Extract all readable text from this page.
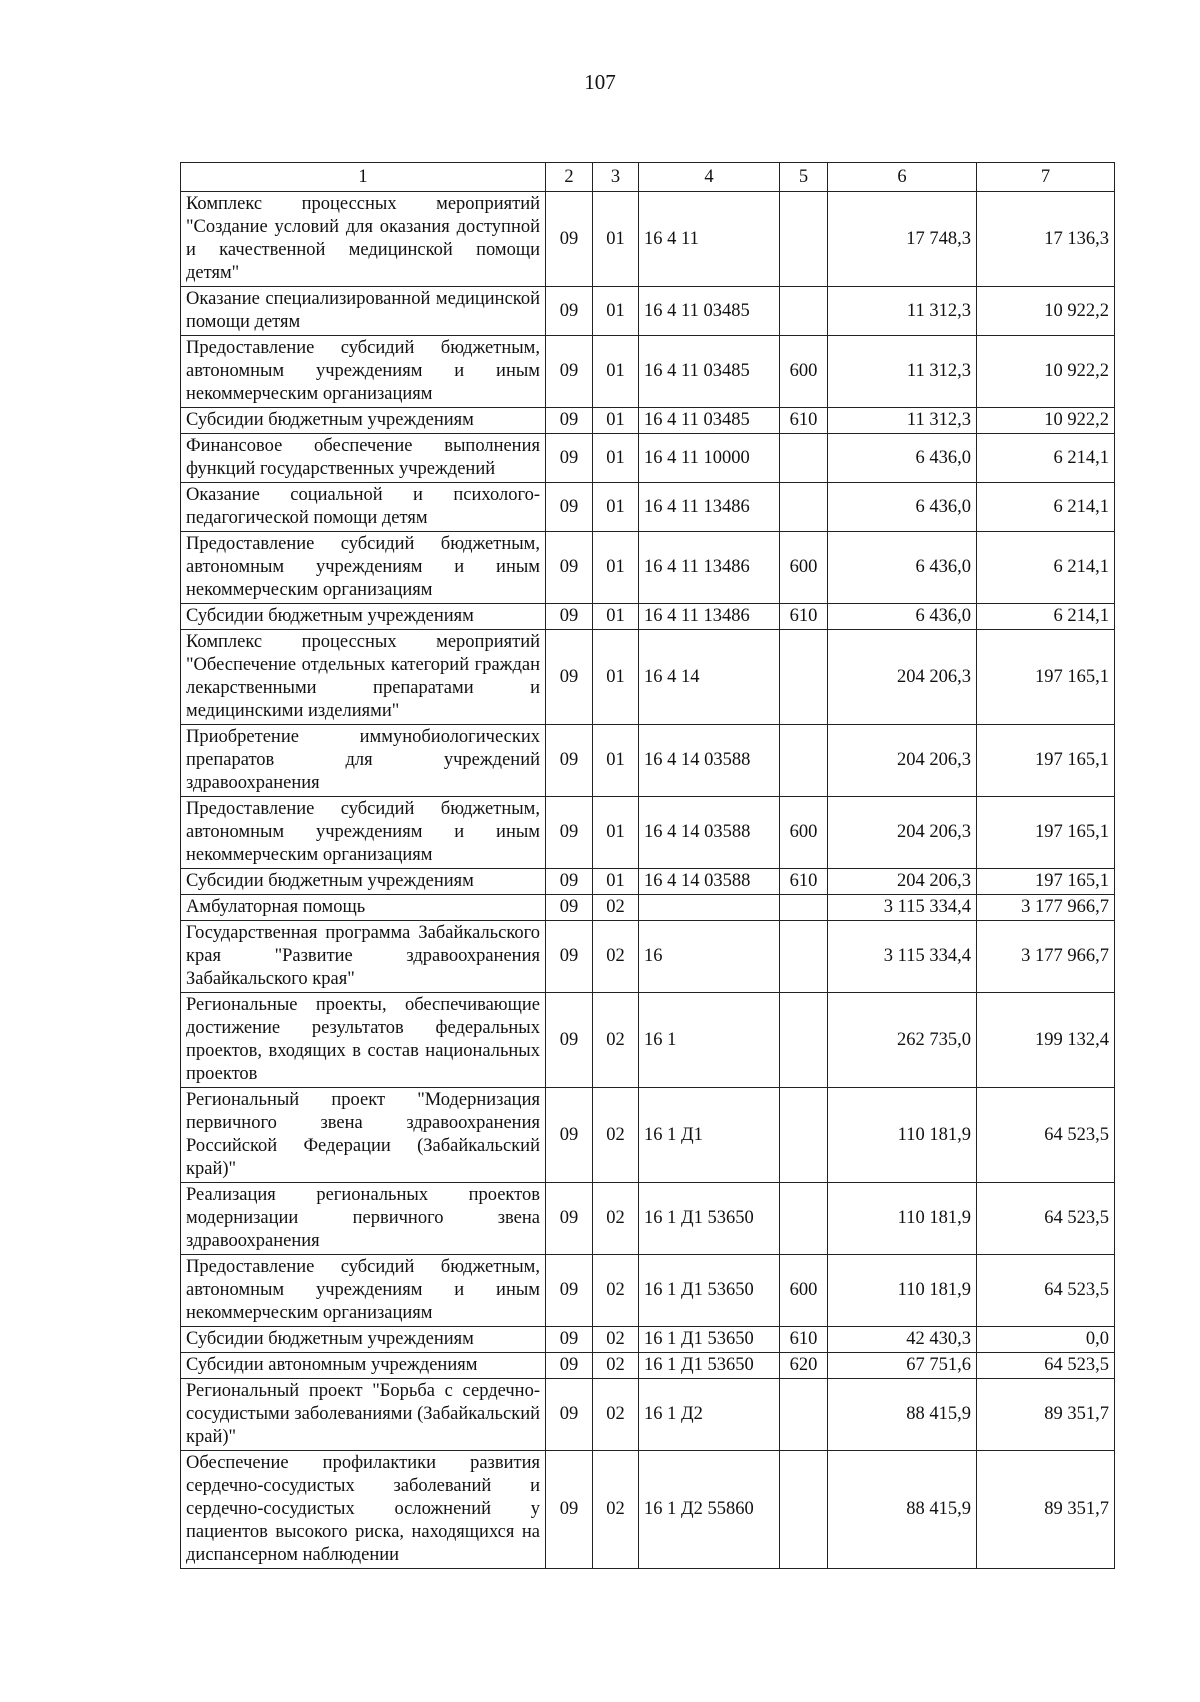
107
1	2	3	4	5	6	7
Комплекс процессных мероприятий "Создание условий для оказания доступной и качественной медицинской помощи детям"	09	01	16 4 11		17 748,3	17 136,3
Оказание специализированной медицинской помощи детям	09	01	16 4 11 03485		11 312,3	10 922,2
Предоставление субсидий бюджетным, автономным учреждениям и иным некоммерческим организациям	09	01	16 4 11 03485	600	11 312,3	10 922,2
Субсидии бюджетным учреждениям	09	01	16 4 11 03485	610	11 312,3	10 922,2
Финансовое обеспечение выполнения функций государственных учреждений	09	01	16 4 11 10000		6 436,0	6 214,1
Оказание социальной и психолого-педагогической помощи детям	09	01	16 4 11 13486		6 436,0	6 214,1
Предоставление субсидий бюджетным, автономным учреждениям и иным некоммерческим организациям	09	01	16 4 11 13486	600	6 436,0	6 214,1
Субсидии бюджетным учреждениям	09	01	16 4 11 13486	610	6 436,0	6 214,1
Комплекс процессных мероприятий "Обеспечение отдельных категорий граждан лекарственными препаратами и медицинскими изделиями"	09	01	16 4 14		204 206,3	197 165,1
Приобретение иммунобиологических препаратов для учреждений здравоохранения	09	01	16 4 14 03588		204 206,3	197 165,1
Предоставление субсидий бюджетным, автономным учреждениям и иным некоммерческим организациям	09	01	16 4 14 03588	600	204 206,3	197 165,1
Субсидии бюджетным учреждениям	09	01	16 4 14 03588	610	204 206,3	197 165,1
Амбулаторная помощь	09	02			3 115 334,4	3 177 966,7
Государственная программа Забайкальского края "Развитие здравоохранения Забайкальского края"	09	02	16		3 115 334,4	3 177 966,7
Региональные проекты, обеспечивающие достижение результатов федеральных проектов, входящих в состав национальных проектов	09	02	16 1		262 735,0	199 132,4
Региональный проект "Модернизация первичного звена здравоохранения Российской Федерации (Забайкальский край)"	09	02	16 1 Д1		110 181,9	64 523,5
Реализация региональных проектов модернизации первичного звена здравоохранения	09	02	16 1 Д1 53650		110 181,9	64 523,5
Предоставление субсидий бюджетным, автономным учреждениям и иным некоммерческим организациям	09	02	16 1 Д1 53650	600	110 181,9	64 523,5
Субсидии бюджетным учреждениям	09	02	16 1 Д1 53650	610	42 430,3	0,0
Субсидии автономным учреждениям	09	02	16 1 Д1 53650	620	67 751,6	64 523,5
Региональный проект "Борьба с сердечно-сосудистыми заболеваниями (Забайкальский край)"	09	02	16 1 Д2		88 415,9	89 351,7
Обеспечение профилактики развития сердечно-сосудистых заболеваний и сердечно-сосудистых осложнений у пациентов высокого риска, находящихся на диспансерном наблюдении	09	02	16 1 Д2 55860		88 415,9	89 351,7
